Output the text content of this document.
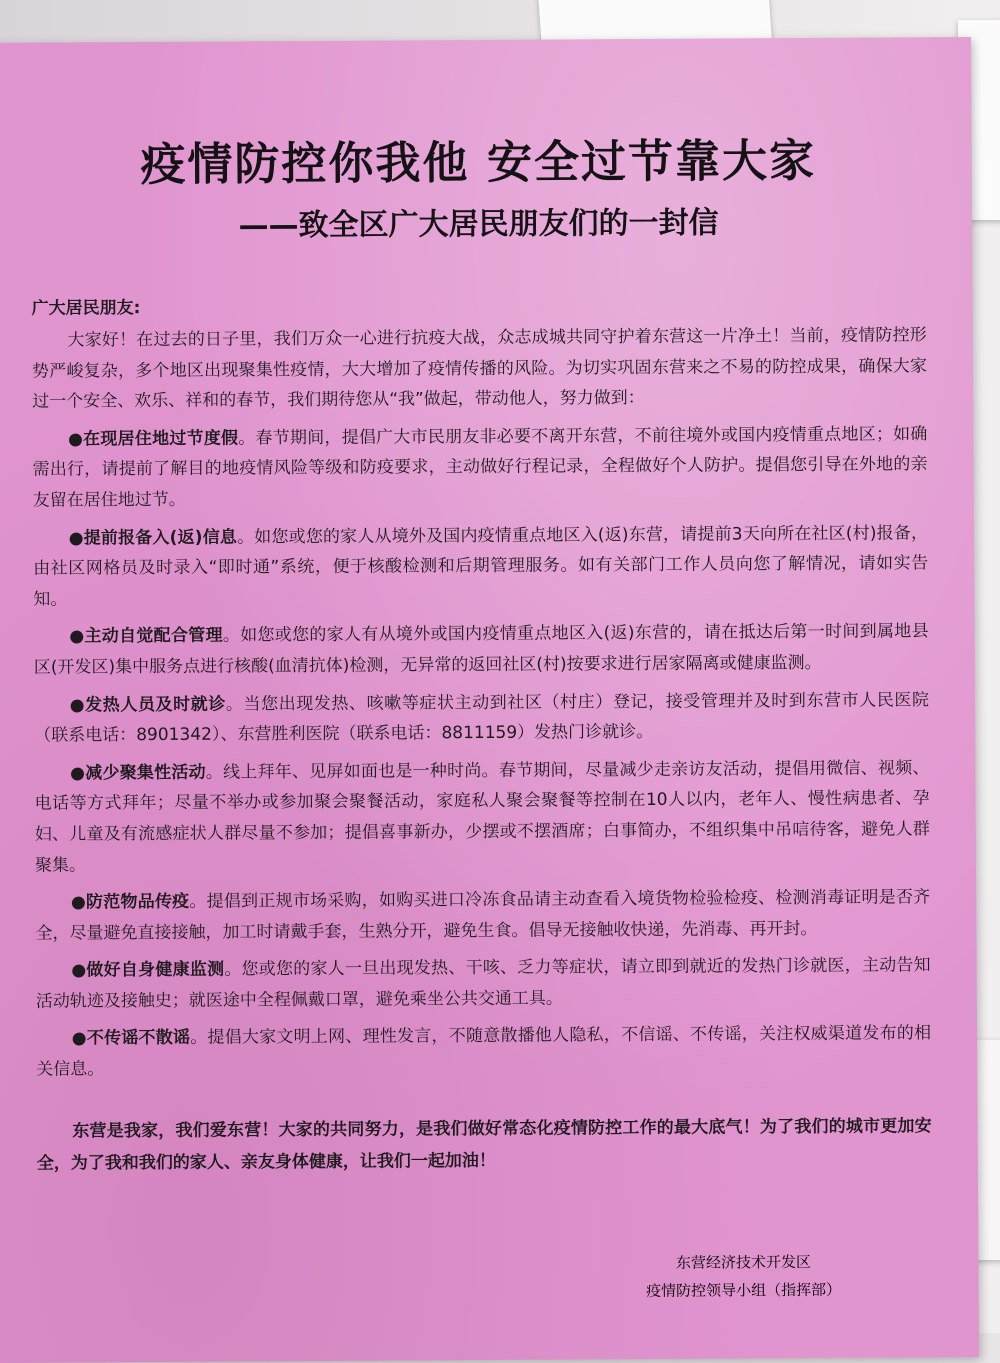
疫情防控你我他 安全过节靠大家
——致全区广大居民朋友们的一封信
广大居民朋友:

大家好！在过去的日子里，我们万众一心进行抗疫大战，众志成城共同守护着东营这一片净土！当前，疫情防控形势严峻复杂，多个地区出现聚集性疫情，大大增加了疫情传播的风险。为切实巩固东营来之不易的防控成果，确保大家过一个安全、欢乐、祥和的春节，我们期待您从“我”做起，带动他人，努力做到：

●在现居住地过节度假。春节期间，提倡广大市民朋友非必要不离开东营，不前往境外或国内疫情重点地区；如确需出行，请提前了解目的地疫情风险等级和防疫要求，主动做好行程记录，全程做好个人防护。提倡您引导在外地的亲友留在居住地过节。

●提前报备入(返)信息。如您或您的家人从境外及国内疫情重点地区入(返)东营，请提前3天向所在社区(村)报备，由社区网格员及时录入“即时通”系统，便于核酸检测和后期管理服务。如有关部门工作人员向您了解情况，请如实告知。

●主动自觉配合管理。如您或您的家人有从境外或国内疫情重点地区入(返)东营的，请在抵达后第一时间到属地县区(开发区)集中服务点进行核酸(血清抗体)检测，无异常的返回社区(村)按要求进行居家隔离或健康监测。

●发热人员及时就诊。当您出现发热、咳嗽等症状主动到社区（村庄）登记，接受管理并及时到东营市人民医院（联系电话：8901342）、东营胜利医院（联系电话：8811159）发热门诊就诊。

●减少聚集性活动。线上拜年、见屏如面也是一种时尚。春节期间，尽量减少走亲访友活动，提倡用微信、视频、电话等方式拜年；尽量不举办或参加聚会聚餐活动，家庭私人聚会聚餐等控制在10人以内，老年人、慢性病患者、孕妇、儿童及有流感症状人群尽量不参加；提倡喜事新办，少摆或不摆酒席；白事简办，不组织集中吊唁待客，避免人群聚集。

●防范物品传疫。提倡到正规市场采购，如购买进口冷冻食品请主动查看入境货物检验检疫、检测消毒证明是否齐全，尽量避免直接接触，加工时请戴手套，生熟分开，避免生食。倡导无接触收快递，先消毒、再开封。

●做好自身健康监测。您或您的家人一旦出现发热、干咳、乏力等症状，请立即到就近的发热门诊就医，主动告知活动轨迹及接触史；就医途中全程佩戴口罩，避免乘坐公共交通工具。

●不传谣不散谣。提倡大家文明上网、理性发言，不随意散播他人隐私，不信谣、不传谣，关注权威渠道发布的相关信息。

东营是我家，我们爱东营！大家的共同努力，是我们做好常态化疫情防控工作的最大底气！为了我们的城市更加安全，为了我和我们的家人、亲友身体健康，让我们一起加油！

东营经济技术开发区
疫情防控领导小组（指挥部）
